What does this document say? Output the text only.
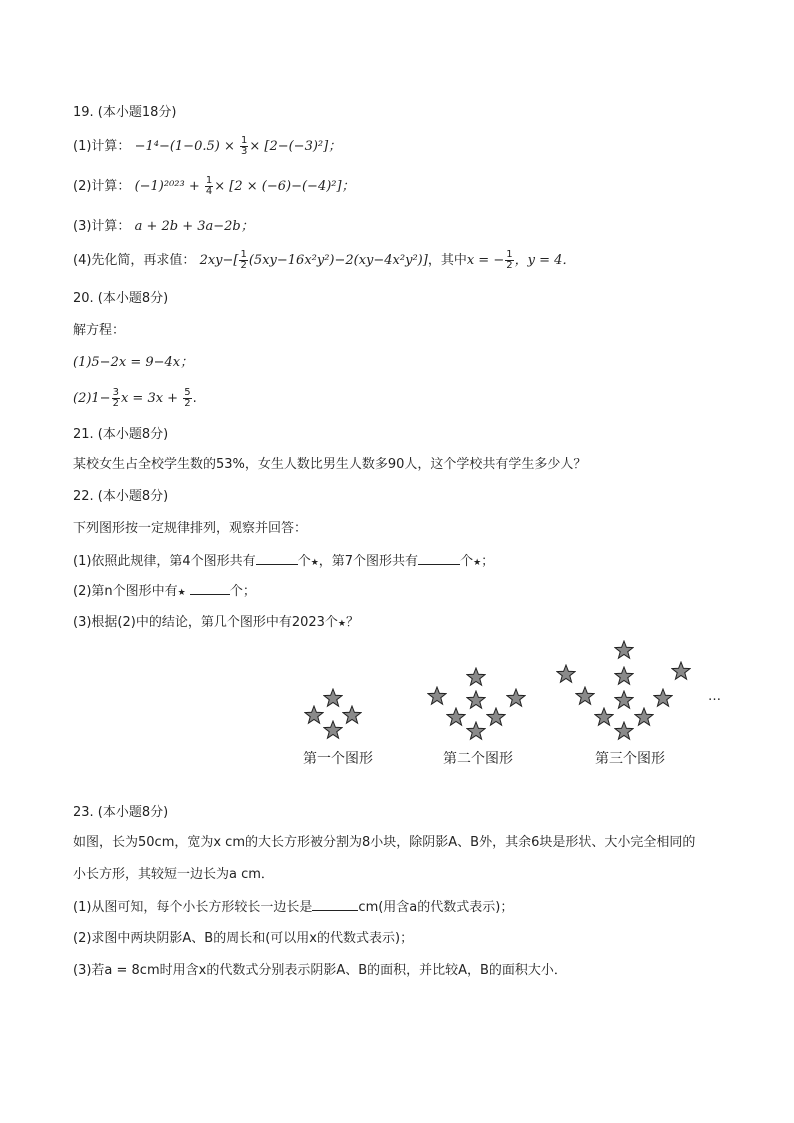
19. (本小题18分)
(1)计算： $-1^4-(1-0.5) \times \frac{1}{3} \times [2-(-3)^2]$；
(2)计算： $(-1)^{2023} + \frac{1}{4} \times [2 \times (-6)-(-4)^2]$；
(3)计算： a + 2b + 3a−2b；
(4)先化简，再求值： $2xy-[ \frac{1}{2} (5xy-16x^2y^2)-2(xy-4x^2y^2)]$，其中x = − $\frac{1}{2}$ ，y = 4．
20. (本小题8分)
解方程：
(1)5−2x = 9−4x；
$(2)1- \frac{3}{2}$ $x = 3x + \frac{5}{2}$ .
21. (本小题8分)
某校女生占全校学生数的53%，女生人数比男生人数多90人，这个学校共有学生多少人？
22. (本小题8分)
下列图形按一定规律排列，观察并回答：
(1)依照此规律，第4个图形共有	个★，第7个图形共有	个★；
(2)第n个图形中有★	个；
(3)根据(2)中的结论，第几个图形中有2023个★？
…
第一个图形	第二个图形	第三个图形
23. (本小题8分)
如图，长为50cm，宽为x cm的大长方形被分割为8小块，除阴影A、B外，其余6块是形状、大小完全相同的
小长方形，其较短一边长为a cm．
(1)从图可知，每个小长方形较长一边长是	cm(用含a的代数式表示)；
(2)求图中两块阴影A、B的周长和(可以用x的代数式表示)；
(3)若a = 8cm时用含x的代数式分别表示阴影A、B的面积，并比较A，B的面积大小．
